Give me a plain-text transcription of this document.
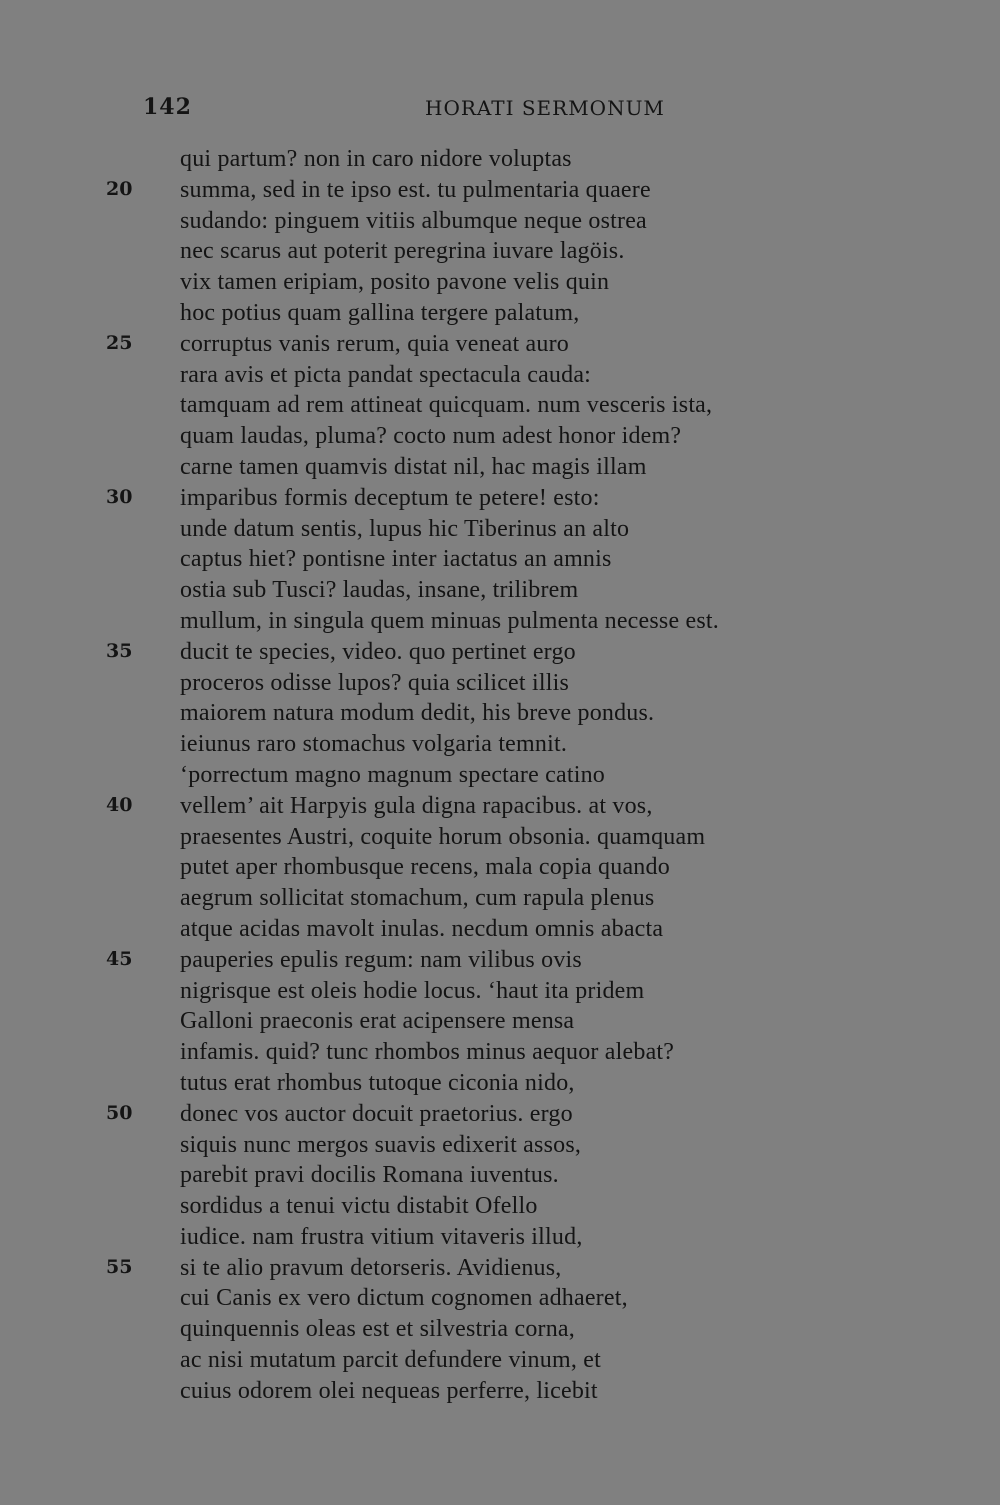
142	HORATI SERMONUM
qui partum? non in caro nidore voluptas
20 summa, sed in te ipso est. tu pulmentaria quaere
sudando: pinguem vitiis albumque neque ostrea
nec scarus aut poterit peregrina iuvare lagöis.
vix tamen eripiam, posito pavone velis quin
hoc potius quam gallina tergere palatum,
25 corruptus vanis rerum, quia veneat auro
rara avis et picta pandat spectacula cauda:
tamquam ad rem attineat quicquam. num vesceris ista,
quam laudas, pluma? cocto num adest honor idem?
carne tamen quamvis distat nil, hac magis illam
30 imparibus formis deceptum te petere! esto:
unde datum sentis, lupus hic Tiberinus an alto
captus hiet? pontisne inter iactatus an amnis
ostia sub Tusci? laudas, insane, trilibrem
mullum, in singula quem minuas pulmenta necesse est.
35 ducit te species, video. quo pertinet ergo
proceros odisse lupos? quia scilicet illis
maiorem natura modum dedit, his breve pondus.
ieiunus raro stomachus volgaria temnit.
‘porrectum magno magnum spectare catino
40 vellem’ ait Harpyis gula digna rapacibus. at vos,
praesentes Austri, coquite horum obsonia. quamquam
putet aper rhombusque recens, mala copia quando
aegrum sollicitat stomachum, cum rapula plenus
atque acidas mavolt inulas. necdum omnis abacta
45 pauperies epulis regum: nam vilibus ovis
nigrisque est oleis hodie locus. ‘haut ita pridem
Galloni praeconis erat acipensere mensa
infamis. quid? tunc rhombos minus aequor alebat?
tutus erat rhombus tutoque ciconia nido,
50 donec vos auctor docuit praetorius. ergo
siquis nunc mergos suavis edixerit assos,
parebit pravi docilis Romana iuventus.
sordidus a tenui victu distabit Ofello
iudice. nam frustra vitium vitaveris illud,
55 si te alio pravum detorseris. Avidienus,
cui Canis ex vero dictum cognomen adhaeret,
quinquennis oleas est et silvestria corna,
ac nisi mutatum parcit defundere vinum, et
cuius odorem olei nequeas perferre, licebit
